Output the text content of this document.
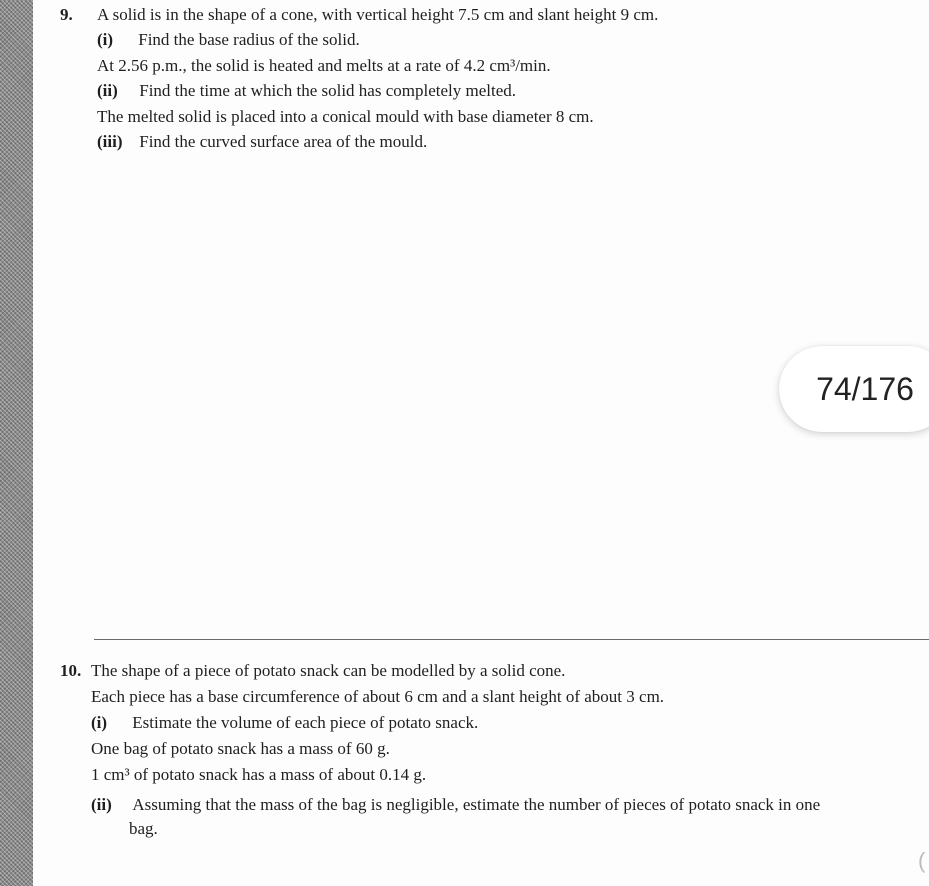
9. A solid is in the shape of a cone, with vertical height 7.5 cm and slant height 9 cm.
(i) Find the base radius of the solid.
At 2.56 p.m., the solid is heated and melts at a rate of 4.2 cm³/min.
(ii) Find the time at which the solid has completely melted.
The melted solid is placed into a conical mould with base diameter 8 cm.
(iii) Find the curved surface area of the mould.
74/176
10. The shape of a piece of potato snack can be modelled by a solid cone.
Each piece has a base circumference of about 6 cm and a slant height of about 3 cm.
(i) Estimate the volume of each piece of potato snack.
One bag of potato snack has a mass of 60 g.
1 cm³ of potato snack has a mass of about 0.14 g.
(ii) Assuming that the mass of the bag is negligible, estimate the number of pieces of potato snack in one
bag.
(
